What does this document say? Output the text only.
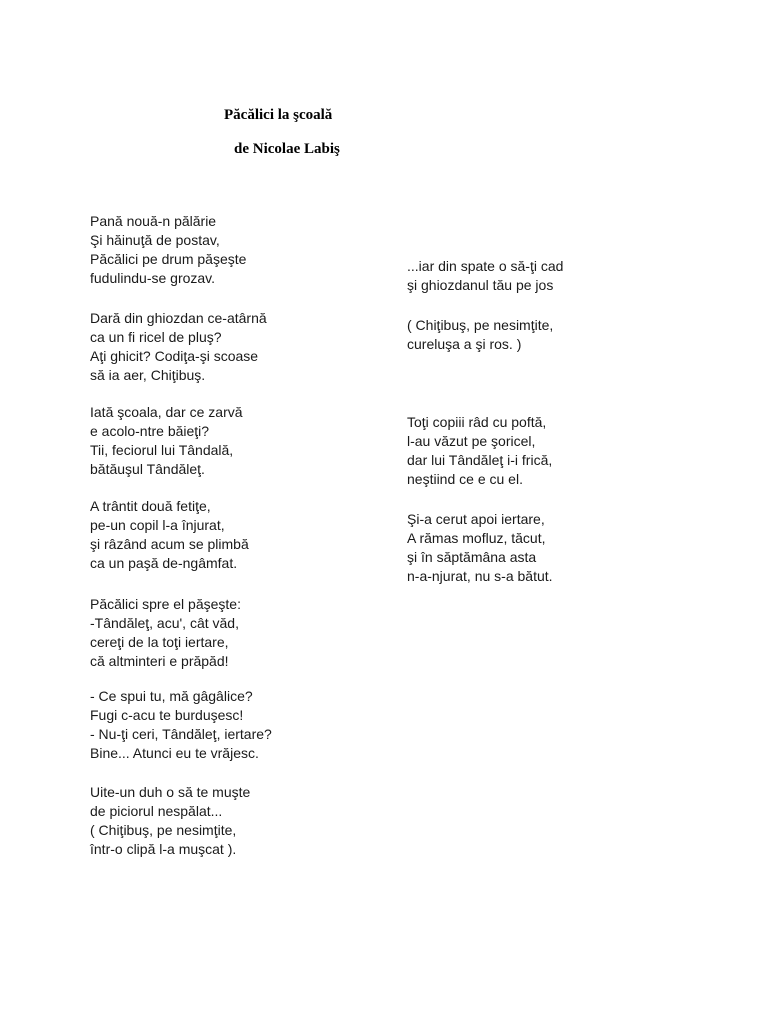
Păcălici la şcoală
de Nicolae Labiş
Pană nouă-n pălărie
Şi hăinuţă de postav,
Păcălici pe drum păşeşte
fudulindu-se grozav.
Dară din ghiozdan ce-atârnă
ca un fi ricel de pluş?
Aţi ghicit? Codiţa-şi scoase
să ia aer, Chiţibuş.
Iată şcoala, dar ce zarvă
e acolo-ntre băieţi?
Tii, feciorul lui Tândală,
bătăuşul Tândăleţ.
A trântit două fetiţe,
pe-un copil l-a înjurat,
şi râzând acum se plimbă
ca un paşă de-ngâmfat.
Păcălici spre el păşeşte:
-Tândăleţ, acu', cât văd,
cereţi de la toţi iertare,
că altminteri e prăpăd!
- Ce spui tu, mă gâgâlice?
Fugi c-acu te burduşesc!
- Nu-ţi ceri, Tândăleţ, iertare?
Bine... Atunci eu te vrăjesc.
Uite-un duh o să te muşte
de piciorul nespălat...
( Chiţibuş, pe nesimţite,
într-o clipă l-a muşcat ).
...iar din spate o să-ţi cad
şi ghiozdanul tău pe jos
( Chiţibuş, pe nesimţite,
cureluşa a şi ros. )
Toţi copiii râd cu poftă,
l-au văzut pe şoricel,
dar lui Tândăleţ i-i frică,
neştiind ce e cu el.
Şi-a cerut apoi iertare,
A rămas mofluz, tăcut,
şi în săptămâna asta
n-a-njurat, nu s-a bătut.
